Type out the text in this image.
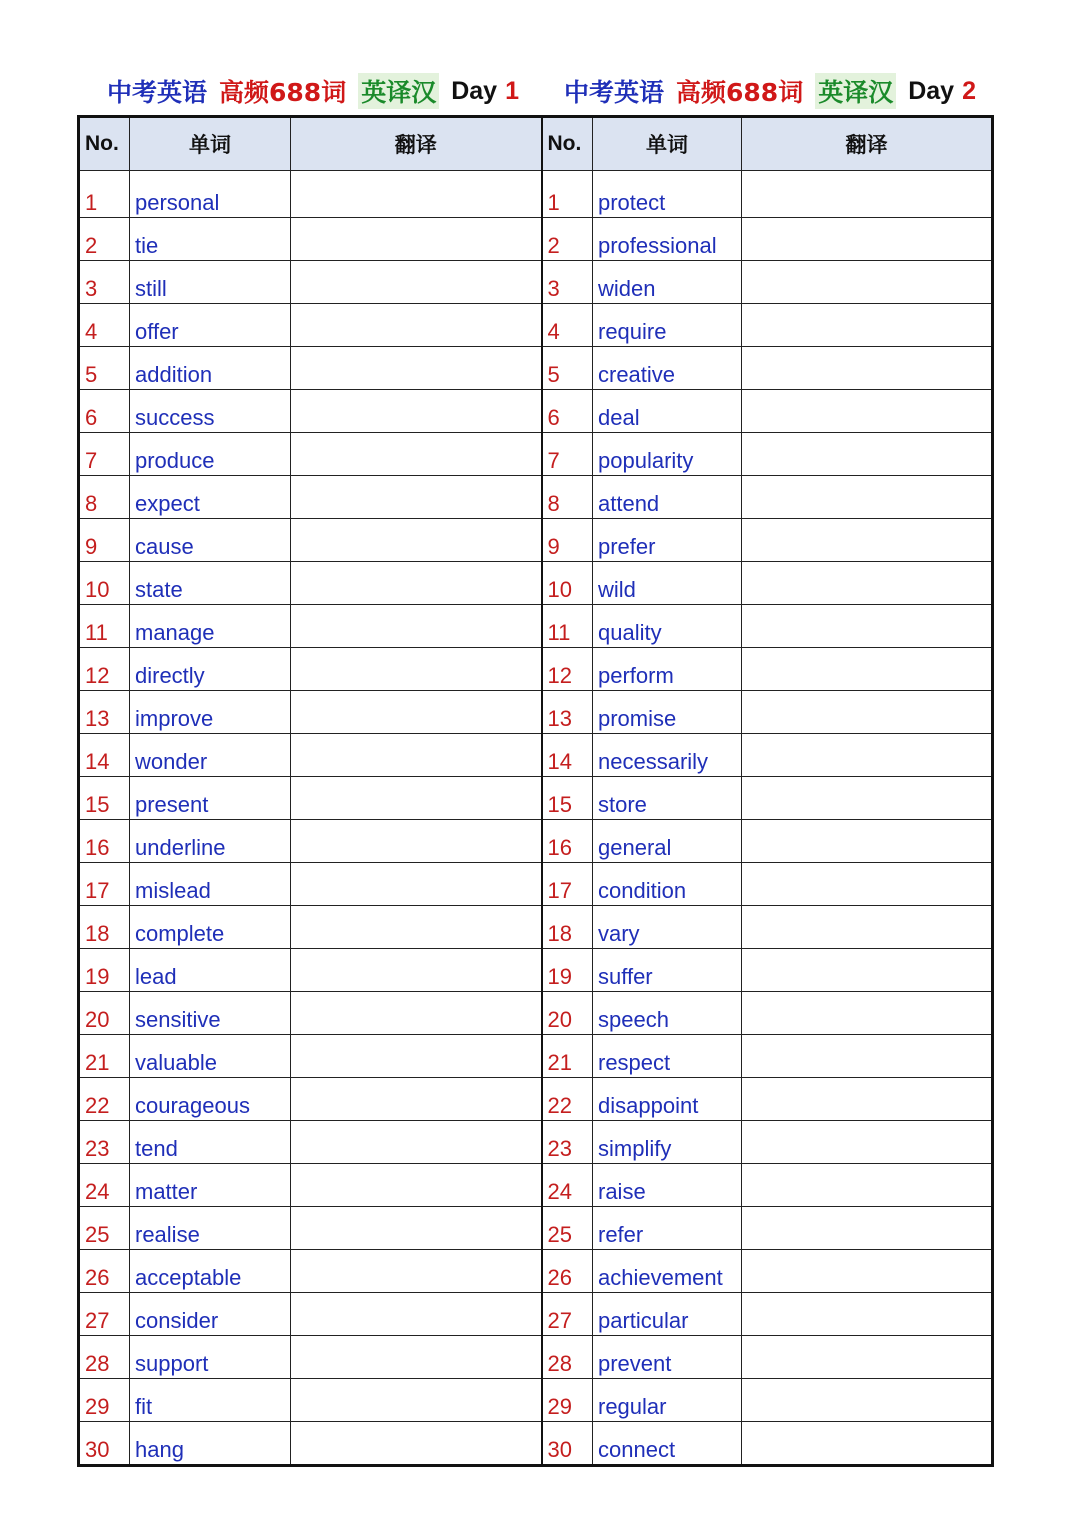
中考英语 高频688词 英译汉 Day 1 中考英语 高频688词 英译汉 Day 2
No.	单词	翻译	No.	单词	翻译
1	personal		1	protect	
2	tie		2	professional	
3	still		3	widen	
4	offer		4	require	
5	addition		5	creative	
6	success		6	deal	
7	produce		7	popularity	
8	expect		8	attend	
9	cause		9	prefer	
10	state		10	wild	
11	manage		11	quality	
12	directly		12	perform	
13	improve		13	promise	
14	wonder		14	necessarily	
15	present		15	store	
16	underline		16	general	
17	mislead		17	condition	
18	complete		18	vary	
19	lead		19	suffer	
20	sensitive		20	speech	
21	valuable		21	respect	
22	courageous		22	disappoint	
23	tend		23	simplify	
24	matter		24	raise	
25	realise		25	refer	
26	acceptable		26	achievement	
27	consider		27	particular	
28	support		28	prevent	
29	fit		29	regular	
30	hang		30	connect	
